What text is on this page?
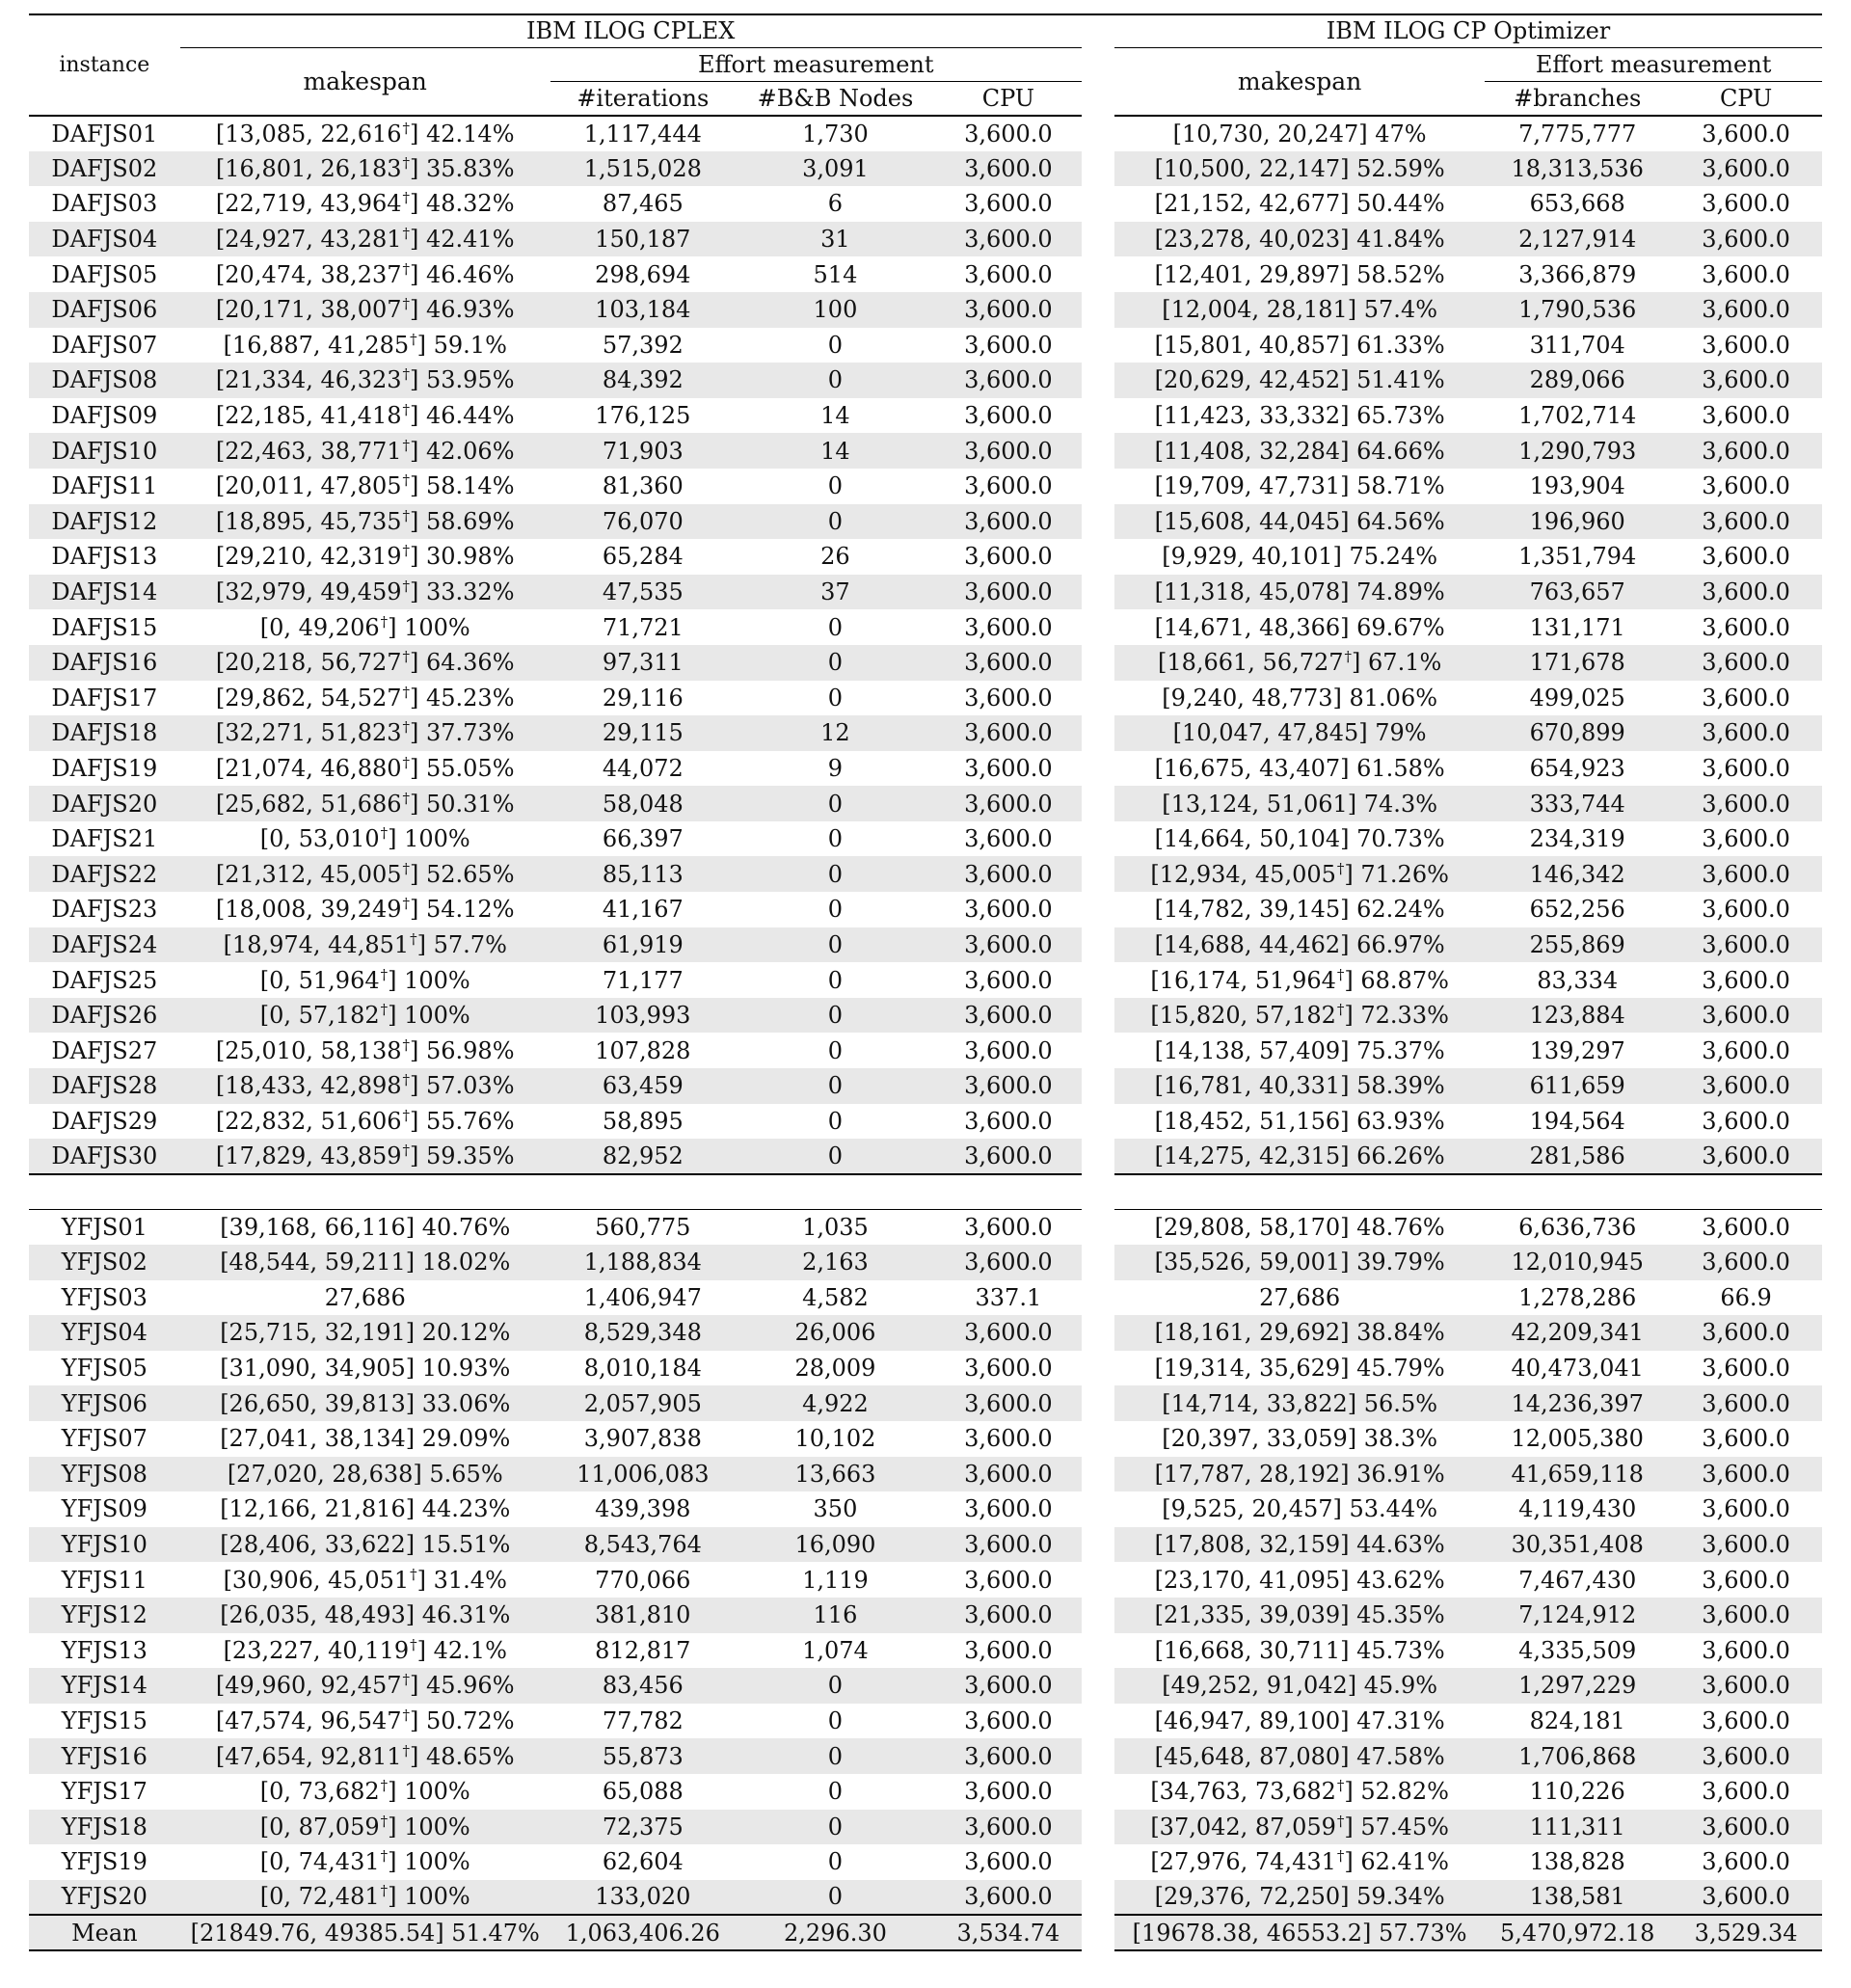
instance	IBM ILOG CPLEX					IBM ILOG CP Optimizer		
	makespan	Effort measurement				makespan	Effort measurement	
		#iterations	#B&B Nodes	CPU			#branches	CPU
DAFJS01	[13,085, 22,616†] 42.14%	1,117,444	1,730	3,600.0		[10,730, 20,247] 47%	7,775,777	3,600.0
DAFJS02	[16,801, 26,183†] 35.83%	1,515,028	3,091	3,600.0		[10,500, 22,147] 52.59%	18,313,536	3,600.0
DAFJS03	[22,719, 43,964†] 48.32%	87,465	6	3,600.0		[21,152, 42,677] 50.44%	653,668	3,600.0
DAFJS04	[24,927, 43,281†] 42.41%	150,187	31	3,600.0		[23,278, 40,023] 41.84%	2,127,914	3,600.0
DAFJS05	[20,474, 38,237†] 46.46%	298,694	514	3,600.0		[12,401, 29,897] 58.52%	3,366,879	3,600.0
DAFJS06	[20,171, 38,007†] 46.93%	103,184	100	3,600.0		[12,004, 28,181] 57.4%	1,790,536	3,600.0
DAFJS07	[16,887, 41,285†] 59.1%	57,392	0	3,600.0		[15,801, 40,857] 61.33%	311,704	3,600.0
DAFJS08	[21,334, 46,323†] 53.95%	84,392	0	3,600.0		[20,629, 42,452] 51.41%	289,066	3,600.0
DAFJS09	[22,185, 41,418†] 46.44%	176,125	14	3,600.0		[11,423, 33,332] 65.73%	1,702,714	3,600.0
DAFJS10	[22,463, 38,771†] 42.06%	71,903	14	3,600.0		[11,408, 32,284] 64.66%	1,290,793	3,600.0
DAFJS11	[20,011, 47,805†] 58.14%	81,360	0	3,600.0		[19,709, 47,731] 58.71%	193,904	3,600.0
DAFJS12	[18,895, 45,735†] 58.69%	76,070	0	3,600.0		[15,608, 44,045] 64.56%	196,960	3,600.0
DAFJS13	[29,210, 42,319†] 30.98%	65,284	26	3,600.0		[9,929, 40,101] 75.24%	1,351,794	3,600.0
DAFJS14	[32,979, 49,459†] 33.32%	47,535	37	3,600.0		[11,318, 45,078] 74.89%	763,657	3,600.0
DAFJS15	[0, 49,206†] 100%	71,721	0	3,600.0		[14,671, 48,366] 69.67%	131,171	3,600.0
DAFJS16	[20,218, 56,727†] 64.36%	97,311	0	3,600.0		[18,661, 56,727†] 67.1%	171,678	3,600.0
DAFJS17	[29,862, 54,527†] 45.23%	29,116	0	3,600.0		[9,240, 48,773] 81.06%	499,025	3,600.0
DAFJS18	[32,271, 51,823†] 37.73%	29,115	12	3,600.0		[10,047, 47,845] 79%	670,899	3,600.0
DAFJS19	[21,074, 46,880†] 55.05%	44,072	9	3,600.0		[16,675, 43,407] 61.58%	654,923	3,600.0
DAFJS20	[25,682, 51,686†] 50.31%	58,048	0	3,600.0		[13,124, 51,061] 74.3%	333,744	3,600.0
DAFJS21	[0, 53,010†] 100%	66,397	0	3,600.0		[14,664, 50,104] 70.73%	234,319	3,600.0
DAFJS22	[21,312, 45,005†] 52.65%	85,113	0	3,600.0		[12,934, 45,005†] 71.26%	146,342	3,600.0
DAFJS23	[18,008, 39,249†] 54.12%	41,167	0	3,600.0		[14,782, 39,145] 62.24%	652,256	3,600.0
DAFJS24	[18,974, 44,851†] 57.7%	61,919	0	3,600.0		[14,688, 44,462] 66.97%	255,869	3,600.0
DAFJS25	[0, 51,964†] 100%	71,177	0	3,600.0		[16,174, 51,964†] 68.87%	83,334	3,600.0
DAFJS26	[0, 57,182†] 100%	103,993	0	3,600.0		[15,820, 57,182†] 72.33%	123,884	3,600.0
DAFJS27	[25,010, 58,138†] 56.98%	107,828	0	3,600.0		[14,138, 57,409] 75.37%	139,297	3,600.0
DAFJS28	[18,433, 42,898†] 57.03%	63,459	0	3,600.0		[16,781, 40,331] 58.39%	611,659	3,600.0
DAFJS29	[22,832, 51,606†] 55.76%	58,895	0	3,600.0		[18,452, 51,156] 63.93%	194,564	3,600.0
DAFJS30	[17,829, 43,859†] 59.35%	82,952	0	3,600.0		[14,275, 42,315] 66.26%	281,586	3,600.0

YFJS01	[39,168, 66,116] 40.76%	560,775	1,035	3,600.0		[29,808, 58,170] 48.76%	6,636,736	3,600.0
YFJS02	[48,544, 59,211] 18.02%	1,188,834	2,163	3,600.0		[35,526, 59,001] 39.79%	12,010,945	3,600.0
YFJS03	27,686	1,406,947	4,582	337.1		27,686	1,278,286	66.9
YFJS04	[25,715, 32,191] 20.12%	8,529,348	26,006	3,600.0		[18,161, 29,692] 38.84%	42,209,341	3,600.0
YFJS05	[31,090, 34,905] 10.93%	8,010,184	28,009	3,600.0		[19,314, 35,629] 45.79%	40,473,041	3,600.0
YFJS06	[26,650, 39,813] 33.06%	2,057,905	4,922	3,600.0		[14,714, 33,822] 56.5%	14,236,397	3,600.0
YFJS07	[27,041, 38,134] 29.09%	3,907,838	10,102	3,600.0		[20,397, 33,059] 38.3%	12,005,380	3,600.0
YFJS08	[27,020, 28,638] 5.65%	11,006,083	13,663	3,600.0		[17,787, 28,192] 36.91%	41,659,118	3,600.0
YFJS09	[12,166, 21,816] 44.23%	439,398	350	3,600.0		[9,525, 20,457] 53.44%	4,119,430	3,600.0
YFJS10	[28,406, 33,622] 15.51%	8,543,764	16,090	3,600.0		[17,808, 32,159] 44.63%	30,351,408	3,600.0
YFJS11	[30,906, 45,051†] 31.4%	770,066	1,119	3,600.0		[23,170, 41,095] 43.62%	7,467,430	3,600.0
YFJS12	[26,035, 48,493] 46.31%	381,810	116	3,600.0		[21,335, 39,039] 45.35%	7,124,912	3,600.0
YFJS13	[23,227, 40,119†] 42.1%	812,817	1,074	3,600.0		[16,668, 30,711] 45.73%	4,335,509	3,600.0
YFJS14	[49,960, 92,457†] 45.96%	83,456	0	3,600.0		[49,252, 91,042] 45.9%	1,297,229	3,600.0
YFJS15	[47,574, 96,547†] 50.72%	77,782	0	3,600.0		[46,947, 89,100] 47.31%	824,181	3,600.0
YFJS16	[47,654, 92,811†] 48.65%	55,873	0	3,600.0		[45,648, 87,080] 47.58%	1,706,868	3,600.0
YFJS17	[0, 73,682†] 100%	65,088	0	3,600.0		[34,763, 73,682†] 52.82%	110,226	3,600.0
YFJS18	[0, 87,059†] 100%	72,375	0	3,600.0		[37,042, 87,059†] 57.45%	111,311	3,600.0
YFJS19	[0, 74,431†] 100%	62,604	0	3,600.0		[27,976, 74,431†] 62.41%	138,828	3,600.0
YFJS20	[0, 72,481†] 100%	133,020	0	3,600.0		[29,376, 72,250] 59.34%	138,581	3,600.0
Mean	[21849.76, 49385.54] 51.47%	1,063,406.26	2,296.30	3,534.74		[19678.38, 46553.2] 57.73%	5,470,972.18	3,529.34
